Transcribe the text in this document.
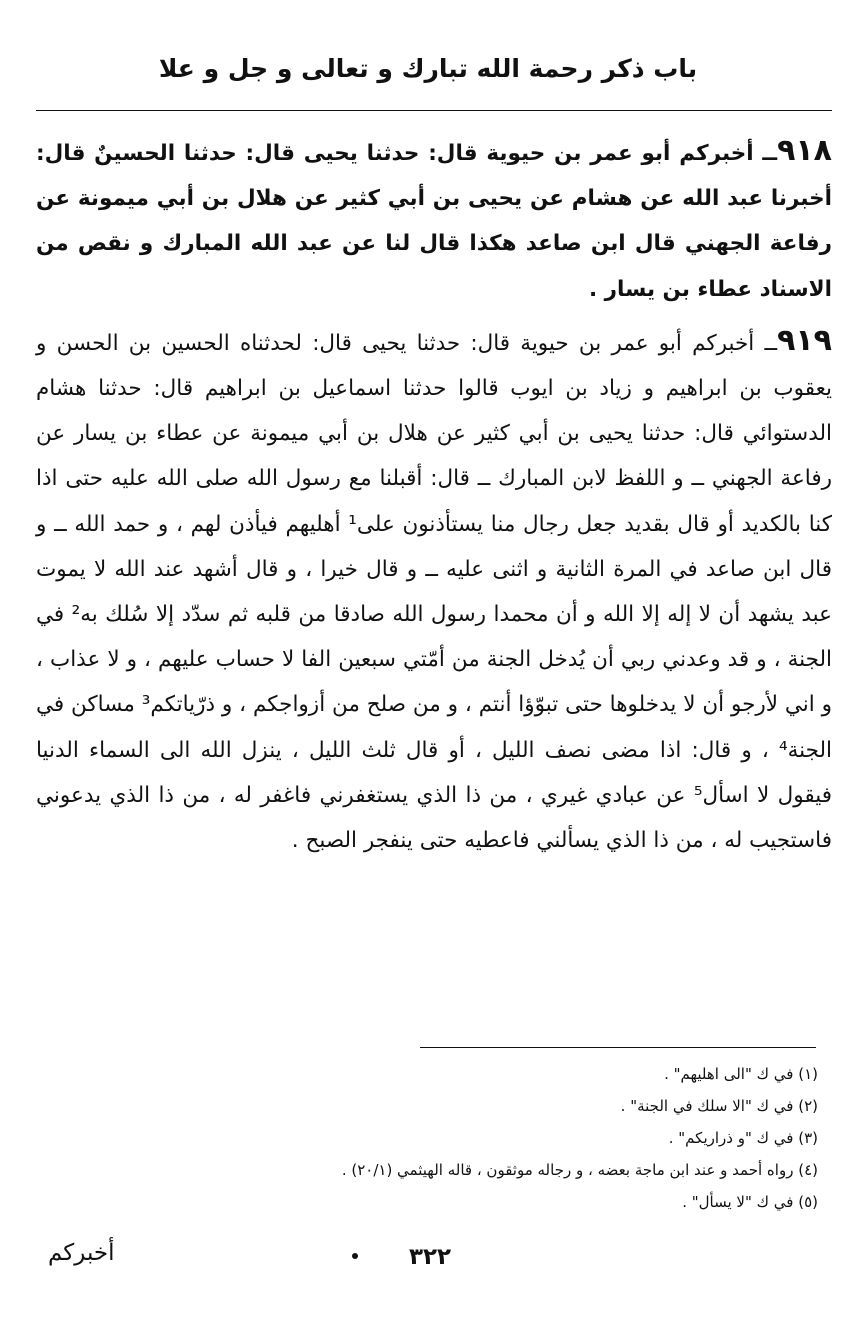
باب ذكر رحمة الله تبارك و تعالى و جل و علا

٩١٨ــ أخبركم أبو عمر بن حيوية قال: حدثنا يحيى قال: حدثنا الحسينٌ قال: أخبرنا عبد الله عن هشام عن يحيى بن أبي كثير عن هلال بن أبي ميمونة عن رفاعة الجهني قال ابن صاعد هكذا قال لنا عن عبد الله المبارك و نقص من الاسناد عطاء بن يسار .

٩١٩ــ أخبركم أبو عمر بن حيوية قال: حدثنا يحيى قال: لحدثناه الحسين بن الحسن و يعقوب بن ابراهيم و زياد بن ايوب قالوا حدثنا اسماعيل بن ابراهيم قال: حدثنا هشام الدستوائي قال: حدثنا يحيى بن أبي كثير عن هلال بن أبي ميمونة عن عطاء بن يسار عن رفاعة الجهني ــ و اللفظ لابن المبارك ــ قال: أقبلنا مع رسول الله صلى الله عليه حتى اذا كنا بالكديد أو قال بقديد جعل رجال منا يستأذنون على¹ أهليهم فيأذن لهم ، و حمد الله ــ و قال ابن صاعد في المرة الثانية و اثنى عليه ــ و قال خيرا ، و قال أشهد عند الله لا يموت عبد يشهد أن لا إله إلا الله و أن محمدا رسول الله صادقا من قلبه ثم سدّد إلا سُلك به² في الجنة ، و قد وعدني ربي أن يُدخل الجنة من أمّتي سبعين الفا لا حساب عليهم ، و لا عذاب ، و اني لأرجو أن لا يدخلوها حتى تبوّؤا أنتم ، و من صلح من أزواجكم ، و ذرّياتكم³ مساكن في الجنة⁴ ، و قال: اذا مضى نصف الليل ، أو قال ثلث الليل ، ينزل الله الى السماء الدنيا فيقول لا اسأل⁵ عن عبادي غيري ، من ذا الذي يستغفرني فاغفر له ، من ذا الذي يدعوني فاستجيب له ، من ذا الذي يسألني فاعطيه حتى ينفجر الصبح .

(١) في ك "الى اهليهم" .
(٢) في ك "الا سلك في الجنة" .
(٣) في ك "و ذراريكم" .
(٤) رواه أحمد و عند ابن ماجة بعضه ، و رجاله موثقون ، قاله الهيثمي (٢٠/١) .
(٥) في ك "لا يسأل" .
٣٢٢
أخبركم
